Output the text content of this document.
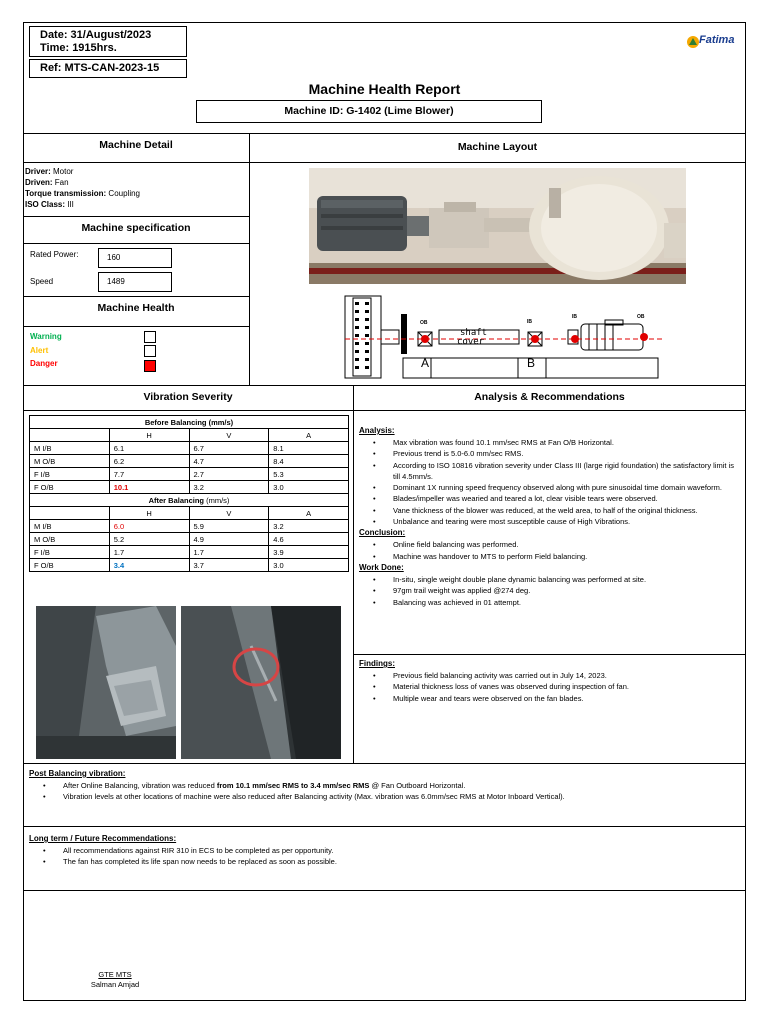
Date: 31/August/2023
Time: 1915hrs.
Ref: MTS-CAN-2023-15
Fatima
Machine Health Report
Machine ID: G-1402 (Lime Blower)
Machine Detail	Machine Layout
Driver: Motor
Driven: Fan
Torque transmission: Coupling
ISO Class: III
Machine specification
Rated Power:	160
Speed	1489
Machine Health
Warning
Alert
Danger
OB	IB
IB	OB
shaft
cover
A	B
Vibration Severity	Analysis & Recommendations
Before Balancing (mm/s)			
	H	V	A
M I/B	6.1	6.7	8.1
M O/B	6.2	4.7	8.4
F I/B	7.7	2.7	5.3
F O/B	10.1	3.2	3.0
After Balancing (mm/s)			
	H	V	A
M I/B	6.0	5.9	3.2
M O/B	5.2	4.9	4.6
F I/B	1.7	1.7	3.9
F O/B	3.4	3.7	3.0
Analysis:
• Max vibration was found 10.1 mm/sec RMS at Fan O/B Horizontal.
• Previous trend is 5.0-6.0 mm/sec RMS.
• According to ISO 10816 vibration severity under Class III (large rigid foundation) the satisfactory limit is till 4.5mm/s.
• Dominant 1X running speed frequency observed along with pure sinusoidal time domain waveform.
• Blades/impeller was wearied and teared a lot, clear visible tears were observed.
• Vane thickness of the blower was reduced, at the weld area, to half of the original thickness.
• Unbalance and tearing were most susceptible cause of High Vibrations.
Conclusion:
• Online field balancing was performed.
• Machine was handover to MTS to perform Field balancing.
Work Done:
• In-situ, single weight double plane dynamic balancing was performed at site.
• 97gm trail weight was applied @274 deg.
• Balancing was achieved in 01 attempt.
Findings:
• Previous field balancing activity was carried out in July 14, 2023.
• Material thickness loss of vanes was observed during inspection of fan.
• Multiple wear and tears were observed on the fan blades.
Post Balancing vibration:
• After Online Balancing, vibration was reduced from 10.1 mm/sec RMS to 3.4 mm/sec RMS @ Fan Outboard Horizontal.
• Vibration levels at other locations of machine were also reduced after Balancing activity (Max. vibration was 6.0mm/sec RMS at Motor Inboard Vertical).
Long term / Future Recommendations:
• All recommendations against RIR 310 in ECS to be completed as per opportunity.
• The fan has completed its life span now needs to be replaced as soon as possible.
GTE MTS
Salman Amjad
